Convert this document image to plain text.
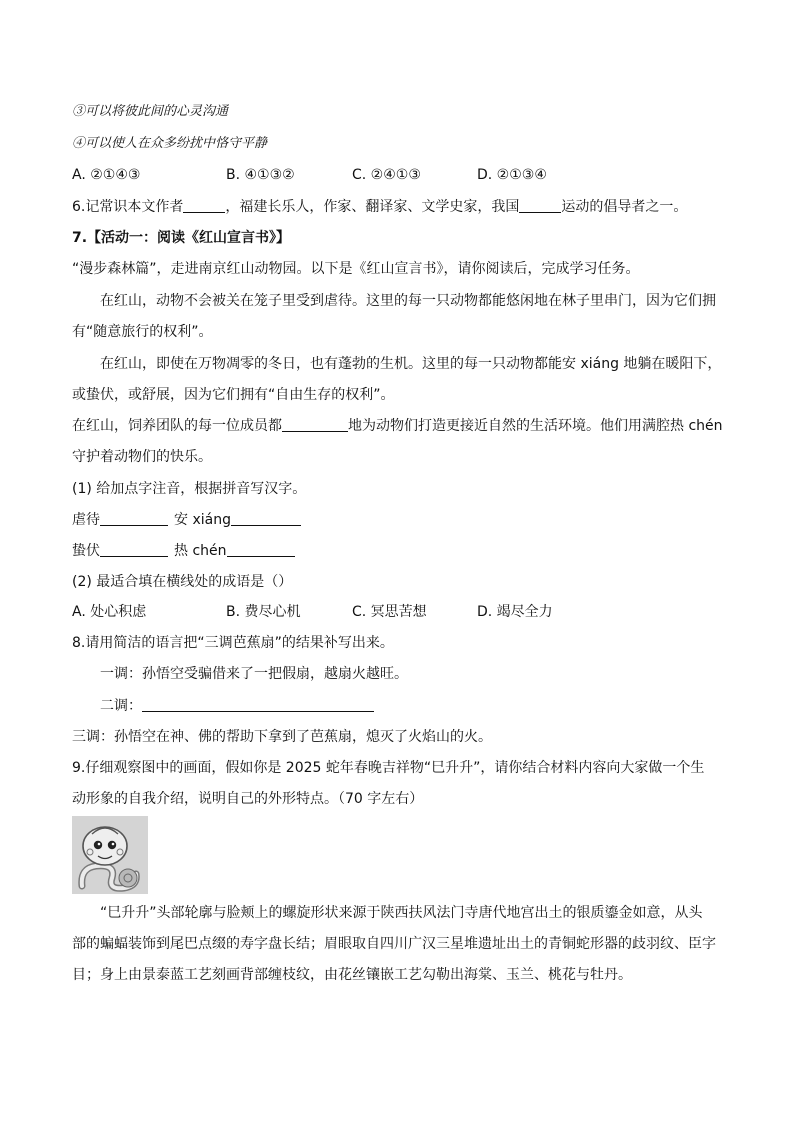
③可以将彼此间的心灵沟通
④可以使人在众多纷扰中恪守平静
A. ②①④③	B. ④①③②	C. ②④①③	D. ②①③④
6.记常识本文作者	，福建长乐人，作家、翻译家、文学史家，我国	运动的倡导者之一。
7.【活动一：阅读《红山宣言书》】
“漫步森林篇”，走进南京红山动物园。以下是《红山宣言书》，请你阅读后，完成学习任务。
在红山，动物不会被关在笼子里受到虐待。这里的每一只动物都能悠闲地在林子里串门，因为它们拥
有“随意旅行的权利”。
在红山，即使在万物凋零的冬日，也有蓬勃的生机。这里的每一只动物都能安 xiáng 地躺在暖阳下，
或蛰伏，或舒展，因为它们拥有“自由生存的权利”。
在红山，饲养团队的每一位成员都	地为动物们打造更接近自然的生活环境。他们用满腔热 chén
守护着动物们的快乐。
(1) 给加点字注音，根据拼音写汉字。
虐待	安 xiáng
蛰伏	热 chén
(2) 最适合填在横线处的成语是（）
A. 处心积虑	B. 费尽心机	C. 冥思苦想	D. 竭尽全力
8.请用简洁的语言把“三调芭蕉扇”的结果补写出来。
一调：孙悟空受骗借来了一把假扇，越扇火越旺。
二调：
三调：孙悟空在神、佛的帮助下拿到了芭蕉扇，熄灭了火焰山的火。
9.仔细观察图中的画面，假如你是 2025 蛇年春晚吉祥物“巳升升”，请你结合材料内容向大家做一个生
动形象的自我介绍，说明自己的外形特点。（70 字左右）
“巳升升”头部轮廓与脸颊上的螺旋形状来源于陕西扶风法门寺唐代地宫出土的银质鎏金如意，从头
部的蝙蝠装饰到尾巴点缀的寿字盘长结；眉眼取自四川广汉三星堆遗址出土的青铜蛇形器的歧羽纹、臣字
目；身上由景泰蓝工艺刻画背部缠枝纹，由花丝镶嵌工艺勾勒出海棠、玉兰、桃花与牡丹。
